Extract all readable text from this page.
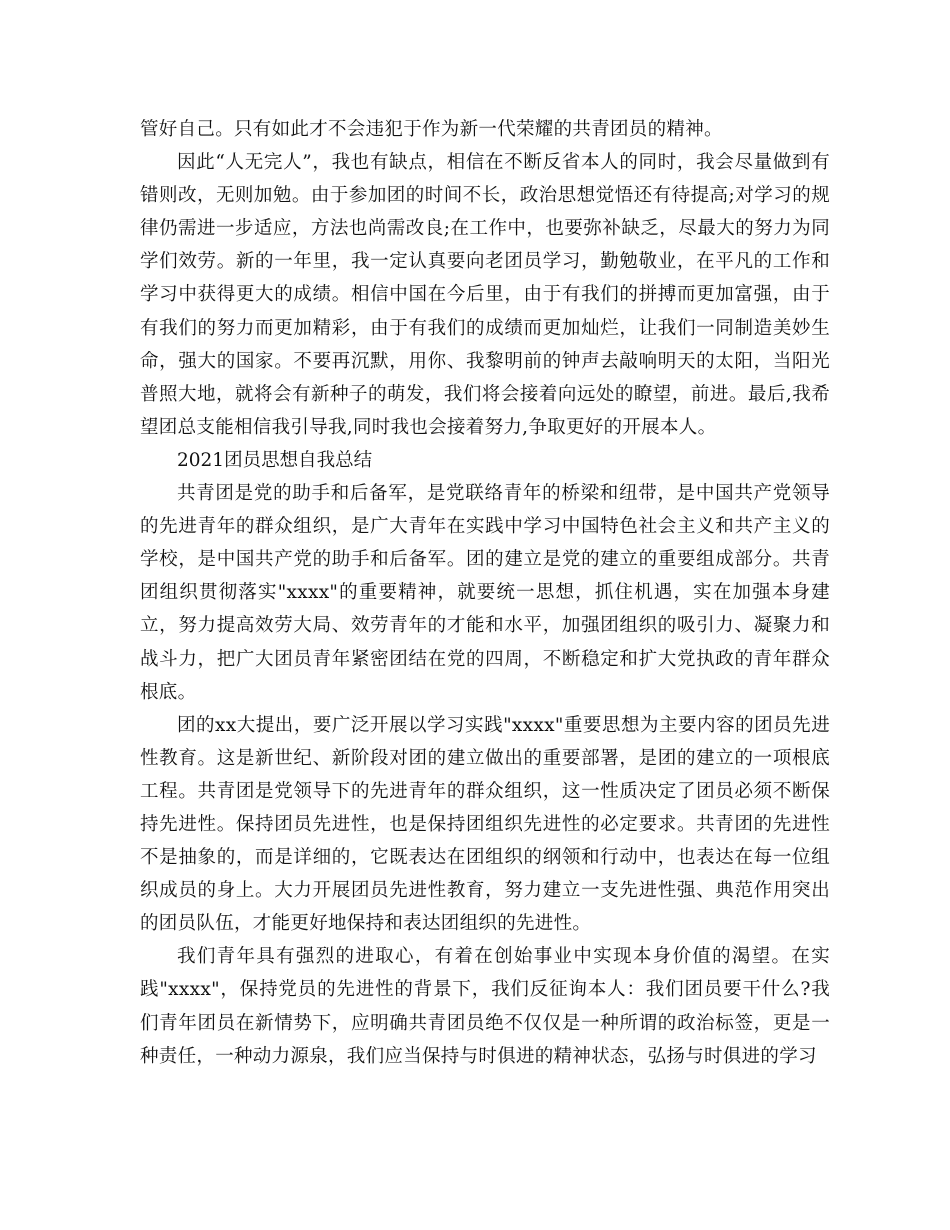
管好自己。只有如此才不会违犯于作为新一代荣耀的共青团员的精神。

因此“人无完人”，我也有缺点，相信在不断反省本人的同时，我会尽量做到有错则改，无则加勉。由于参加团的时间不长，政治思想觉悟还有待提高;对学习的规律仍需进一步适应，方法也尚需改良;在工作中，也要弥补缺乏，尽最大的努力为同学们效劳。新的一年里，我一定认真要向老团员学习，勤勉敬业，在平凡的工作和学习中获得更大的成绩。相信中国在今后里，由于有我们的拼搏而更加富强，由于有我们的努力而更加精彩，由于有我们的成绩而更加灿烂，让我们一同制造美妙生命，强大的国家。不要再沉默，用你、我黎明前的钟声去敲响明天的太阳，当阳光普照大地，就将会有新种子的萌发，我们将会接着向远处的瞭望，前进。最后,我希望团总支能相信我引导我,同时我也会接着努力,争取更好的开展本人。

2021团员思想自我总结

共青团是党的助手和后备军，是党联络青年的桥梁和纽带，是中国共产党领导的先进青年的群众组织，是广大青年在实践中学习中国特色社会主义和共产主义的学校，是中国共产党的助手和后备军。团的建立是党的建立的重要组成部分。共青团组织贯彻落实"xxxx"的重要精神，就要统一思想，抓住机遇，实在加强本身建立，努力提高效劳大局、效劳青年的才能和水平，加强团组织的吸引力、凝聚力和战斗力，把广大团员青年紧密团结在党的四周，不断稳定和扩大党执政的青年群众根底。

团的xx大提出，要广泛开展以学习实践"xxxx"重要思想为主要内容的团员先进性教育。这是新世纪、新阶段对团的建立做出的重要部署，是团的建立的一项根底工程。共青团是党领导下的先进青年的群众组织，这一性质决定了团员必须不断保持先进性。保持团员先进性，也是保持团组织先进性的必定要求。共青团的先进性不是抽象的，而是详细的，它既表达在团组织的纲领和行动中，也表达在每一位组织成员的身上。大力开展团员先进性教育，努力建立一支先进性强、典范作用突出的团员队伍，才能更好地保持和表达团组织的先进性。

我们青年具有强烈的进取心，有着在创始事业中实现本身价值的渴望。在实践"xxxx"，保持党员的先进性的背景下，我们反征询本人：我们团员要干什么?我们青年团员在新情势下，应明确共青团员绝不仅仅是一种所谓的政治标签，更是一种责任，一种动力源泉，我们应当保持与时俱进的精神状态，弘扬与时俱进的学习
